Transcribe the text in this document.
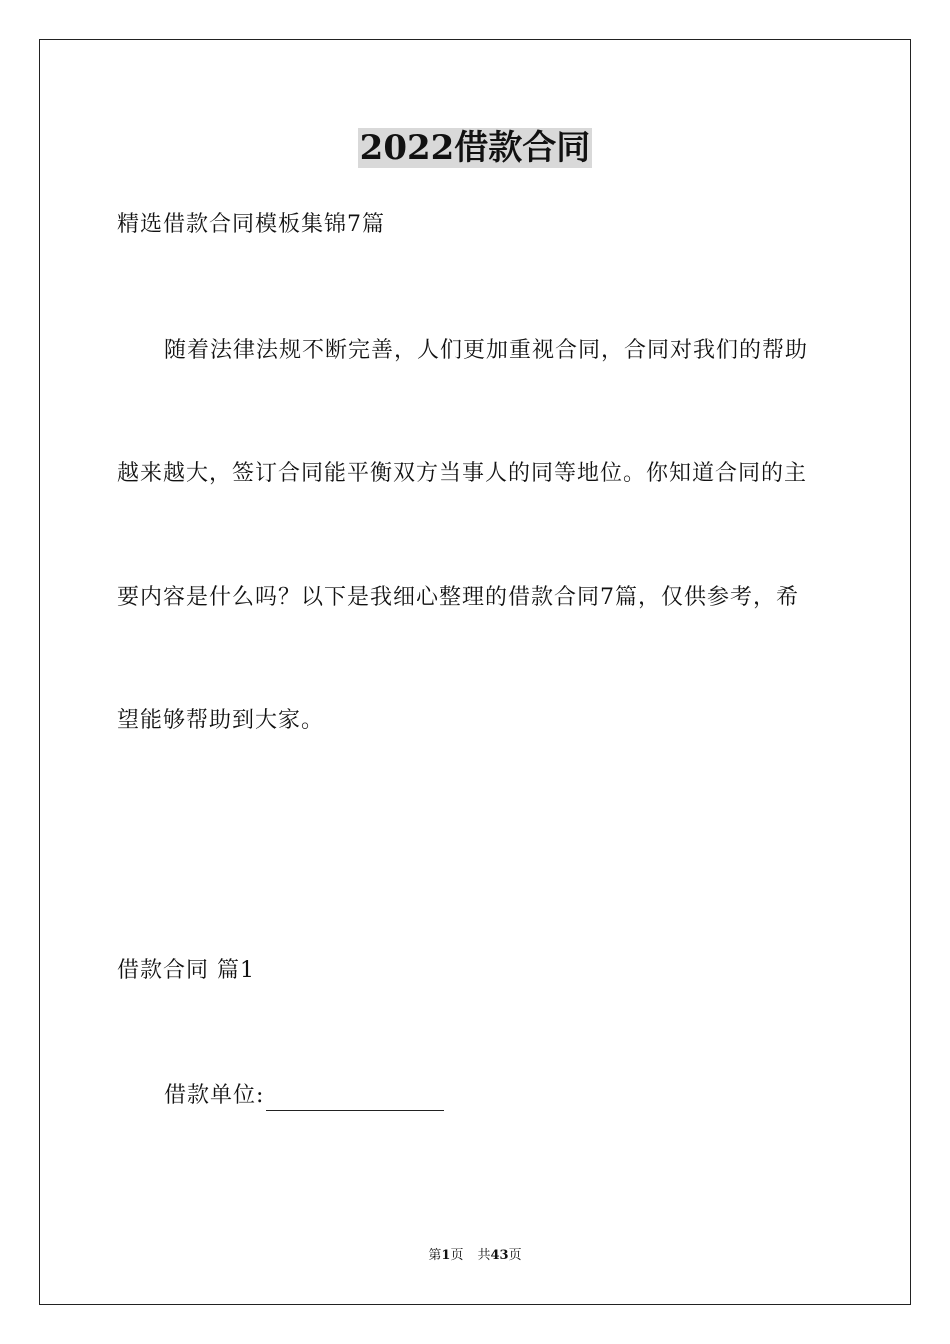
2022借款合同
精选借款合同模板集锦7篇
随着法律法规不断完善，人们更加重视合同，合同对我们的帮助
越来越大，签订合同能平衡双方当事人的同等地位。你知道合同的主
要内容是什么吗？以下是我细心整理的借款合同7篇，仅供参考，希
望能够帮助到大家。
借款合同 篇1
借款单位:
第1页 共43页
